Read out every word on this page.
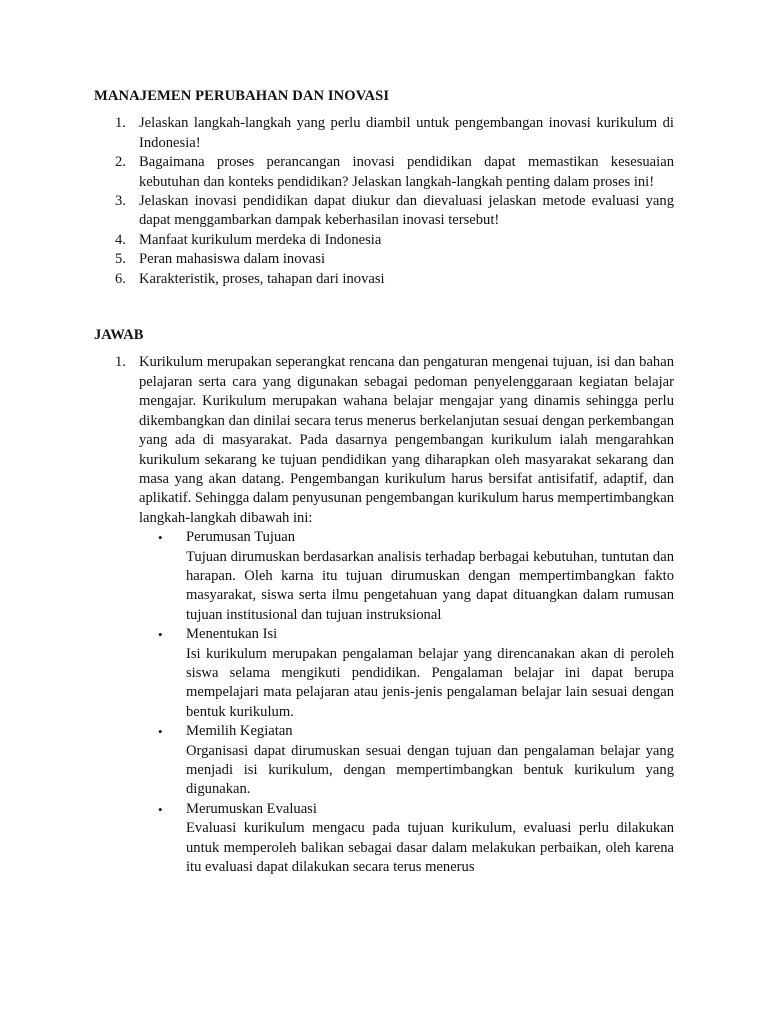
MANAJEMEN PERUBAHAN DAN INOVASI
1. Jelaskan langkah-langkah yang perlu diambil untuk pengembangan inovasi kurikulum di Indonesia!
2. Bagaimana proses perancangan inovasi pendidikan dapat memastikan kesesuaian kebutuhan dan konteks pendidikan? Jelaskan langkah-langkah penting dalam proses ini!
3. Jelaskan inovasi pendidikan dapat diukur dan dievaluasi jelaskan metode evaluasi yang dapat menggambarkan dampak keberhasilan inovasi tersebut!
4. Manfaat kurikulum merdeka di Indonesia
5. Peran mahasiswa dalam inovasi
6. Karakteristik, proses, tahapan dari inovasi
JAWAB
1. Kurikulum merupakan seperangkat rencana dan pengaturan mengenai tujuan, isi dan bahan pelajaran serta cara yang digunakan sebagai pedoman penyelenggaraan kegiatan belajar mengajar. Kurikulum merupakan wahana belajar mengajar yang dinamis sehingga perlu dikembangkan dan dinilai secara terus menerus berkelanjutan sesuai dengan perkembangan yang ada di masyarakat. Pada dasarnya pengembangan kurikulum ialah mengarahkan kurikulum sekarang ke tujuan pendidikan yang diharapkan oleh masyarakat sekarang dan masa yang akan datang. Pengembangan kurikulum harus bersifat antisifatif, adaptif, dan aplikatif. Sehingga dalam penyusunan pengembangan kurikulum harus mempertimbangkan langkah-langkah dibawah ini:
• Perumusan Tujuan
Tujuan dirumuskan berdasarkan analisis terhadap berbagai kebutuhan, tuntutan dan harapan. Oleh karna itu tujuan dirumuskan dengan mempertimbangkan fakto masyarakat, siswa serta ilmu pengetahuan yang dapat dituangkan dalam rumusan tujuan institusional dan tujuan instruksional
• Menentukan Isi
Isi kurikulum merupakan pengalaman belajar yang direncanakan akan di peroleh siswa selama mengikuti pendidikan. Pengalaman belajar ini dapat berupa mempelajari mata pelajaran atau jenis-jenis pengalaman belajar lain sesuai dengan bentuk kurikulum.
• Memilih Kegiatan
Organisasi dapat dirumuskan sesuai dengan tujuan dan pengalaman belajar yang menjadi isi kurikulum, dengan mempertimbangkan bentuk kurikulum yang digunakan.
• Merumuskan Evaluasi
Evaluasi kurikulum mengacu pada tujuan kurikulum, evaluasi perlu dilakukan untuk memperoleh balikan sebagai dasar dalam melakukan perbaikan, oleh karena itu evaluasi dapat dilakukan secara terus menerus
